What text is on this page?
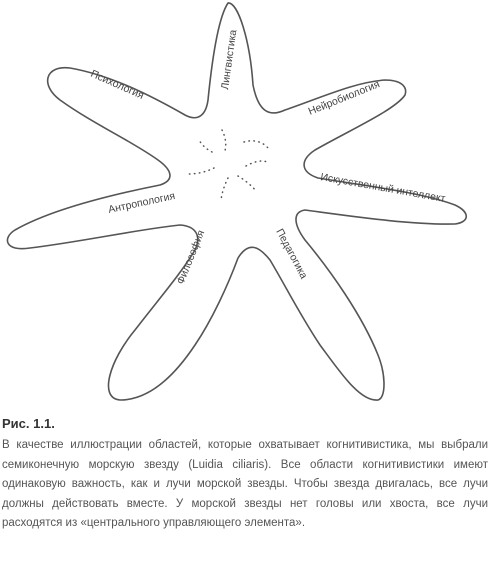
Лингвистика
Нейробиология
Искусственный интеллект
Педагогика
Философия
Антропология
Психология

Рис. 1.1.

В качестве иллюстрации областей, которые охватывает когнитивистика, мы выбрали семиконечную морскую звезду (Luidia ciliaris). Все области когнитивистики имеют одинаковую важность, как и лучи морской звезды. Чтобы звезда двигалась, все лучи должны действовать вместе. У морской звезды нет головы или хвоста, все лучи расходятся из «центрального управляющего элемента».
